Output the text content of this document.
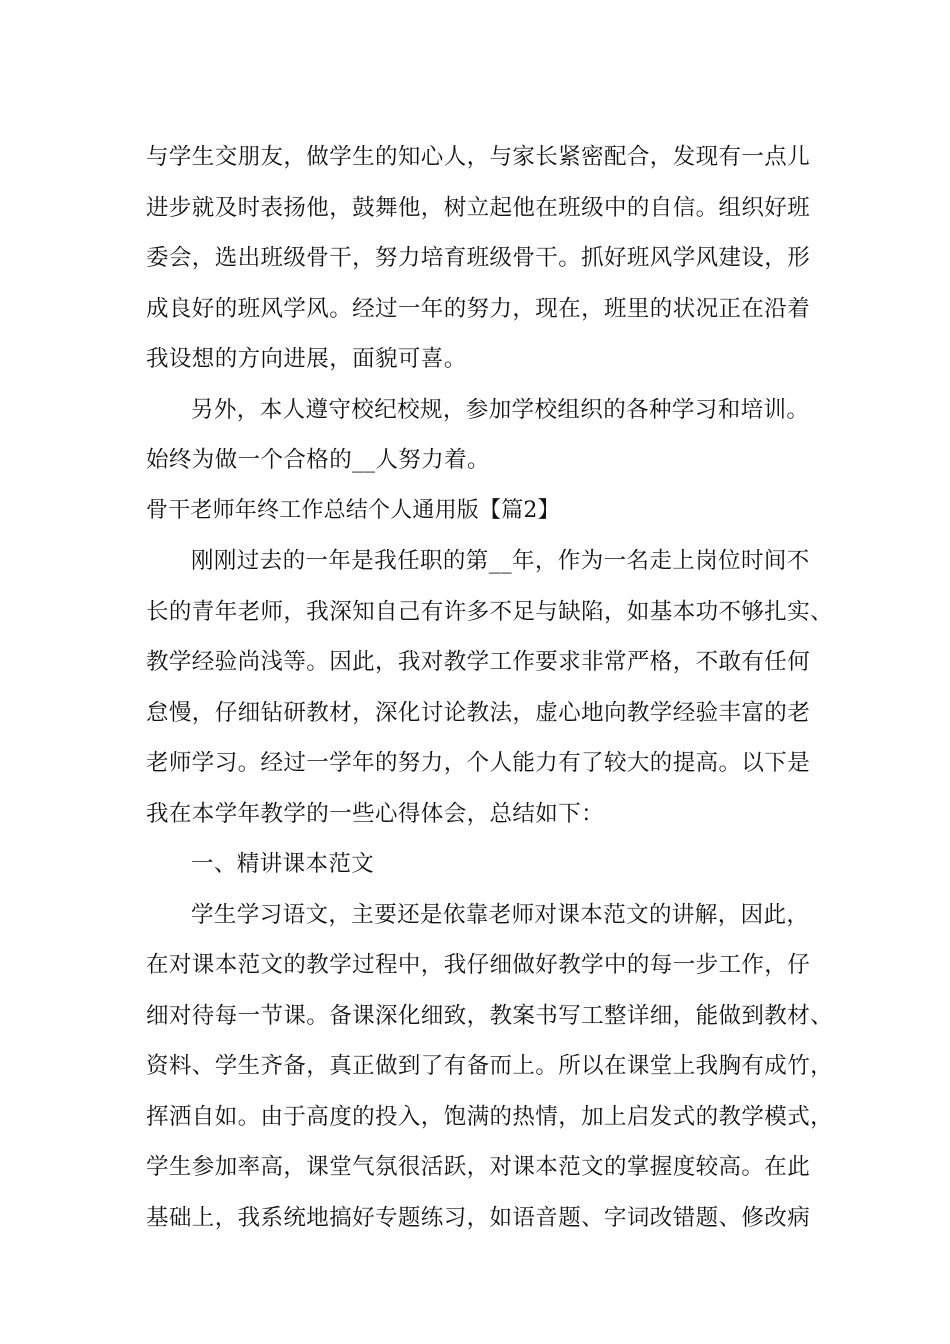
与学生交朋友，做学生的知心人，与家长紧密配合，发现有一点儿
进步就及时表扬他，鼓舞他，树立起他在班级中的自信。组织好班
委会，选出班级骨干，努力培育班级骨干。抓好班风学风建设，形
成良好的班风学风。经过一年的努力，现在，班里的状况正在沿着
我设想的方向进展，面貌可喜。
另外，本人遵守校纪校规，参加学校组织的各种学习和培训。
始终为做一个合格的__人努力着。
骨干老师年终工作总结个人通用版【篇2】
刚刚过去的一年是我任职的第__年，作为一名走上岗位时间不
长的青年老师，我深知自己有许多不足与缺陷，如基本功不够扎实、
教学经验尚浅等。因此，我对教学工作要求非常严格，不敢有任何
怠慢，仔细钻研教材，深化讨论教法，虚心地向教学经验丰富的老
老师学习。经过一学年的努力，个人能力有了较大的提高。以下是
我在本学年教学的一些心得体会，总结如下：
一、精讲课本范文
学生学习语文，主要还是依靠老师对课本范文的讲解，因此，
在对课本范文的教学过程中，我仔细做好教学中的每一步工作，仔
细对待每一节课。备课深化细致，教案书写工整详细，能做到教材、
资料、学生齐备，真正做到了有备而上。所以在课堂上我胸有成竹，
挥洒自如。由于高度的投入，饱满的热情，加上启发式的教学模式，
学生参加率高，课堂气氛很活跃，对课本范文的掌握度较高。在此
基础上，我系统地搞好专题练习，如语音题、字词改错题、修改病
